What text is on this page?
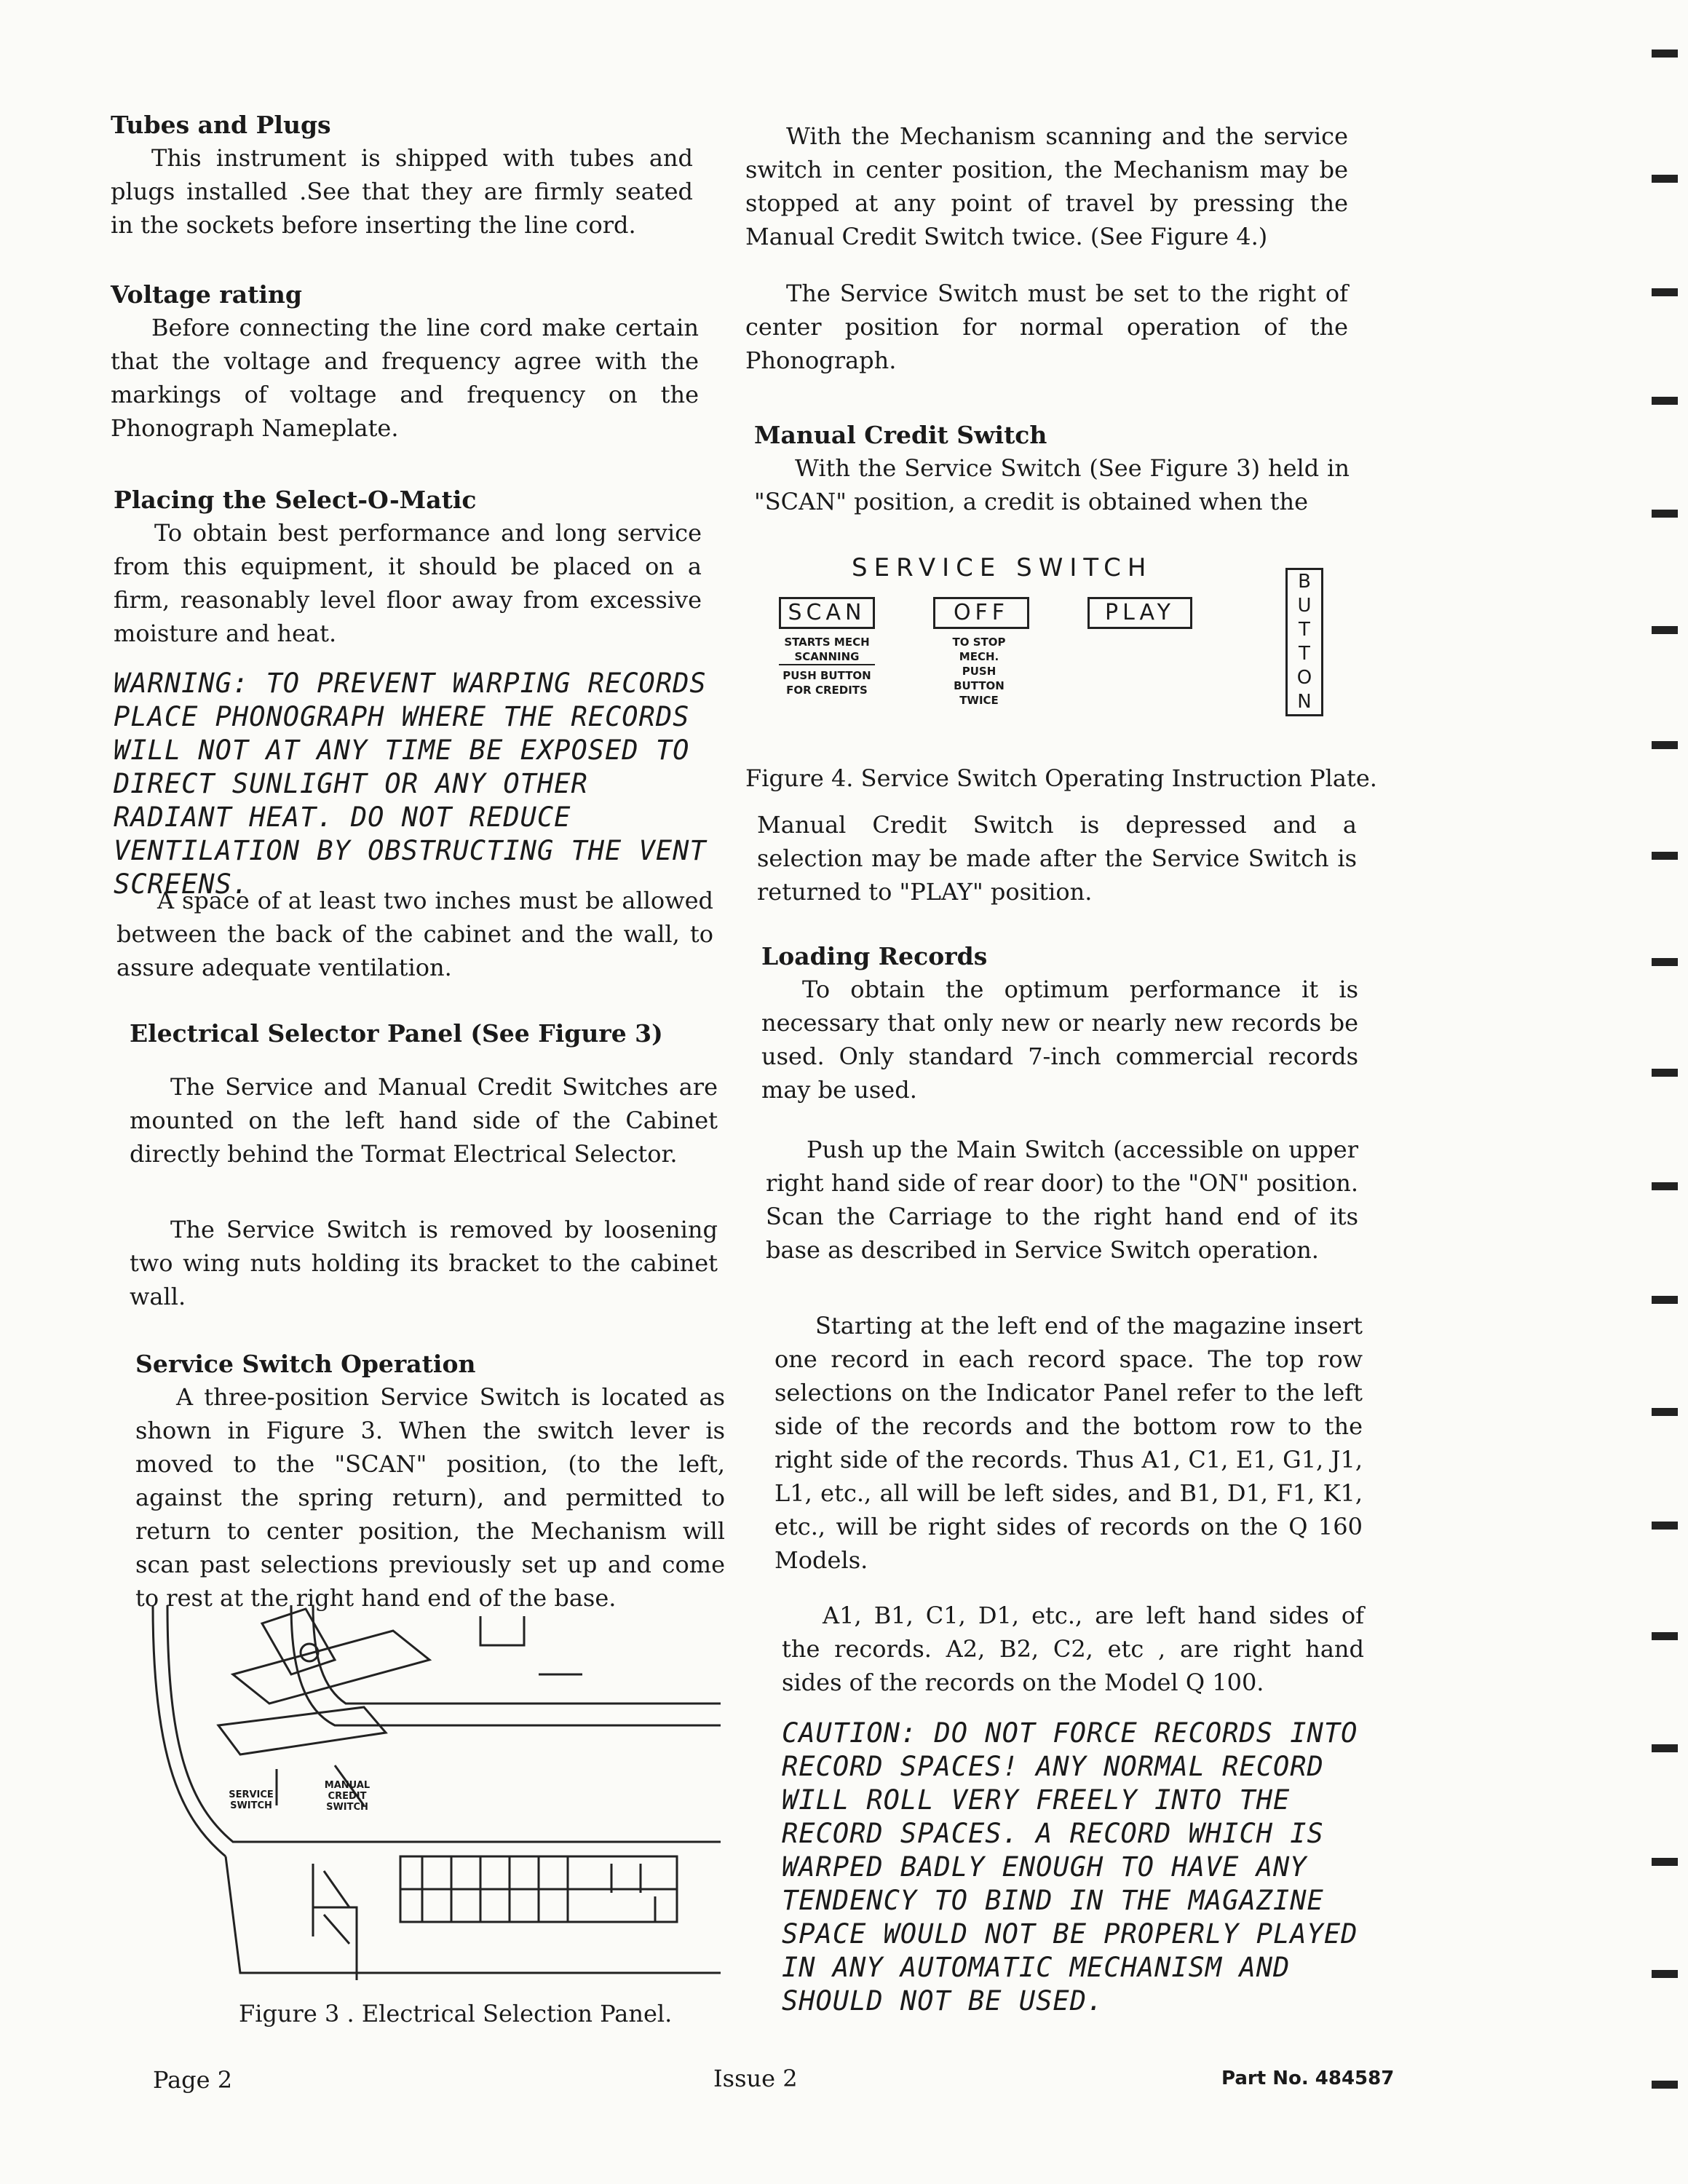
Tubes and Plugs

This instrument is shipped with tubes and plugs installed .See that they are firmly seated in the sockets before inserting the line cord.

Voltage rating

Before connecting the line cord make certain that the voltage and frequency agree with the markings of voltage and frequency on the Phonograph Nameplate.

Placing the Select-O-Matic

To obtain best performance and long service from this equipment, it should be placed on a firm, reasonably level floor away from excessive moisture and heat.

WARNING: TO PREVENT WARPING RECORDS PLACE PHONOGRAPH WHERE THE RECORDS WILL NOT AT ANY TIME BE EXPOSED TO DIRECT SUNLIGHT OR ANY OTHER RADIANT HEAT. DO NOT REDUCE VENTILATION BY OBSTRUCTING THE VENT SCREENS.

A space of at least two inches must be allowed between the back of the cabinet and the wall, to assure adequate ventilation.

Electrical Selector Panel (See Figure 3)

The Service and Manual Credit Switches are mounted on the left hand side of the Cabinet directly behind the Tormat Electrical Selector.

The Service Switch is removed by loosening two wing nuts holding its bracket to the cabinet wall.

Service Switch Operation

A three-position Service Switch is located as shown in Figure 3. When the switch lever is moved to the "SCAN" position, (to the left, against the spring return), and permitted to return to center position, the Mechanism will scan past selections previously set up and come to rest at the right hand end of the base.

SERVICE SWITCH
MANUAL CREDIT SWITCH

Figure 3 . Electrical Selection Panel.

With the Mechanism scanning and the service switch in center position, the Mechanism may be stopped at any point of travel by pressing the Manual Credit Switch twice. (See Figure 4.)

The Service Switch must be set to the right of center position for normal operation of the Phonograph.

Manual Credit Switch

With the Service Switch (See Figure 3) held in "SCAN" position, a credit is obtained when the

SERVICE SWITCH
SCAN	OFF	PLAY
STARTS MECH SCANNING
PUSH BUTTON FOR CREDITS
TO STOP MECH. PUSH BUTTON TWICE
B
U
T
T
O
N

Figure 4. Service Switch Operating Instruction Plate.

Manual Credit Switch is depressed and a selection may be made after the Service Switch is returned to "PLAY" position.

Loading Records

To obtain the optimum performance it is necessary that only new or nearly new records be used. Only standard 7-inch commercial records may be used.

Push up the Main Switch (accessible on upper right hand side of rear door) to the "ON" position. Scan the Carriage to the right hand end of its base as described in Service Switch operation.

Starting at the left end of the magazine insert one record in each record space. The top row selections on the Indicator Panel refer to the left side of the records and the bottom row to the right side of the records. Thus A1, C1, E1, G1, J1, L1, etc., all will be left sides, and B1, D1, F1, K1, etc., will be right sides of records on the Q 160 Models.

A1, B1, C1, D1, etc., are left hand sides of the records. A2, B2, C2, etc , are right hand sides of the records on the Model Q 100.

CAUTION: DO NOT FORCE RECORDS INTO RECORD SPACES! ANY NORMAL RECORD WILL ROLL VERY FREELY INTO THE RECORD SPACES. A RECORD WHICH IS WARPED BADLY ENOUGH TO HAVE ANY TENDENCY TO BIND IN THE MAGAZINE SPACE WOULD NOT BE PROPERLY PLAYED IN ANY AUTOMATIC MECHANISM AND SHOULD NOT BE USED.

Page 2	Issue 2	Part No. 484587
